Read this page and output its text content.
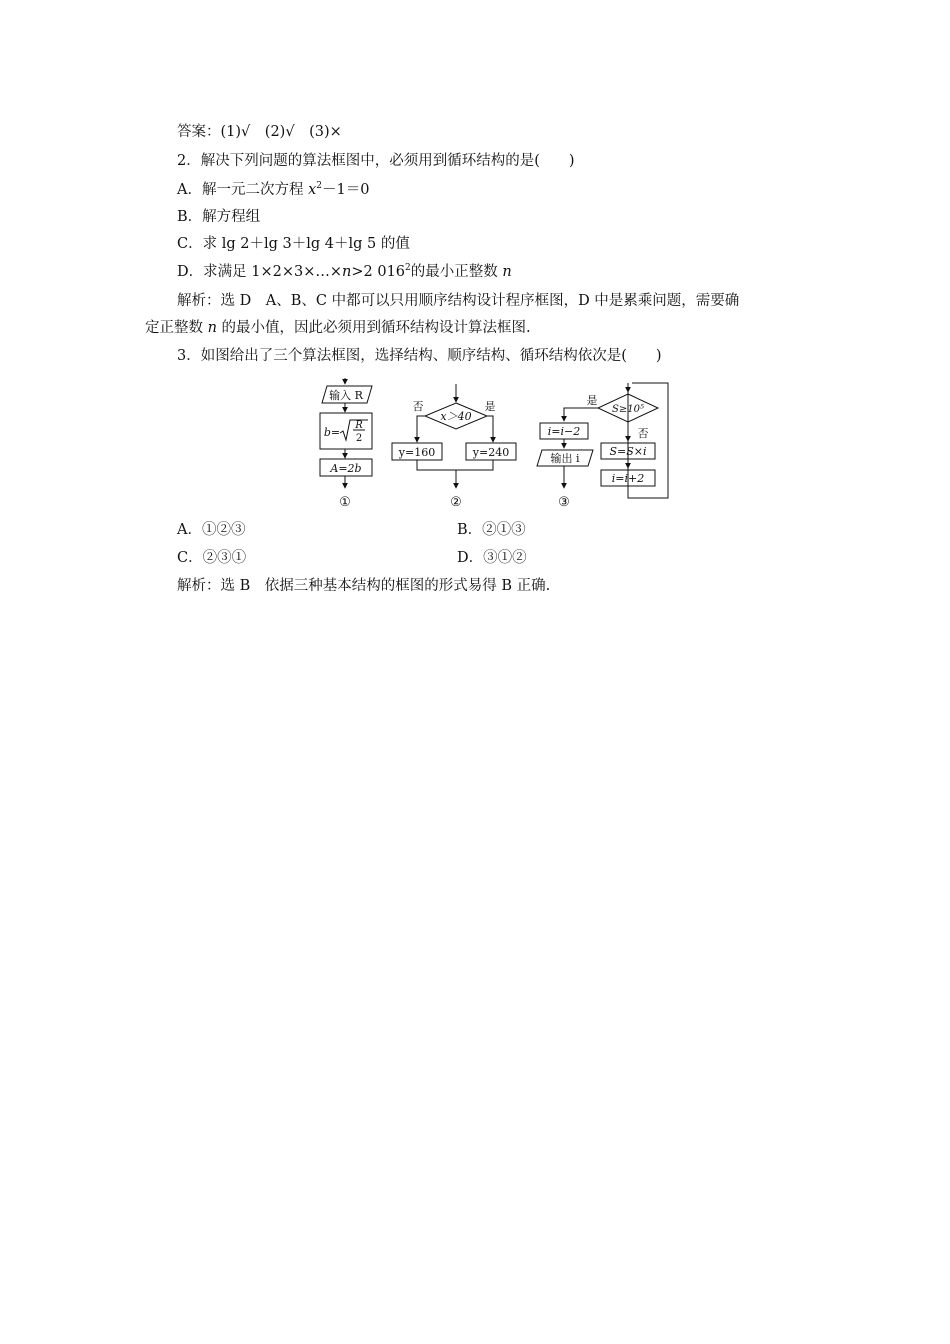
答案：(1)√　 (2)√　 (3)×
2．解决下列问题的算法框图中，必须用到循环结构的是(　　)
A．解一元二次方程 $x^2-1=0$
B．解方程组
C．求 lg 2＋lg 3＋lg 4＋lg 5 的值
D．求满足 1×2×3×…×n>2 $016^2$的最小正整数 n
解析：选 D　A、B、C 中都可以只用顺序结构设计程序框图，D 中是累乘问题，需要确
定正整数 n 的最小值，因此必须用到循环结构设计算法框图.
3．如图给出了三个算法框图，选择结构、顺序结构、循环结构依次是(　　)
输入 R
b=
R
2
A=2b
①
x＞40
否	是
y=160	y=240
②
是
S≥10⁵
否
i=i−2
输出 i
S=S×i
i=i+2
③
A．①②③	B．②①③
C．②③①	D．③①②
解析：选 B　依据三种基本结构的框图的形式易得 B 正确.
